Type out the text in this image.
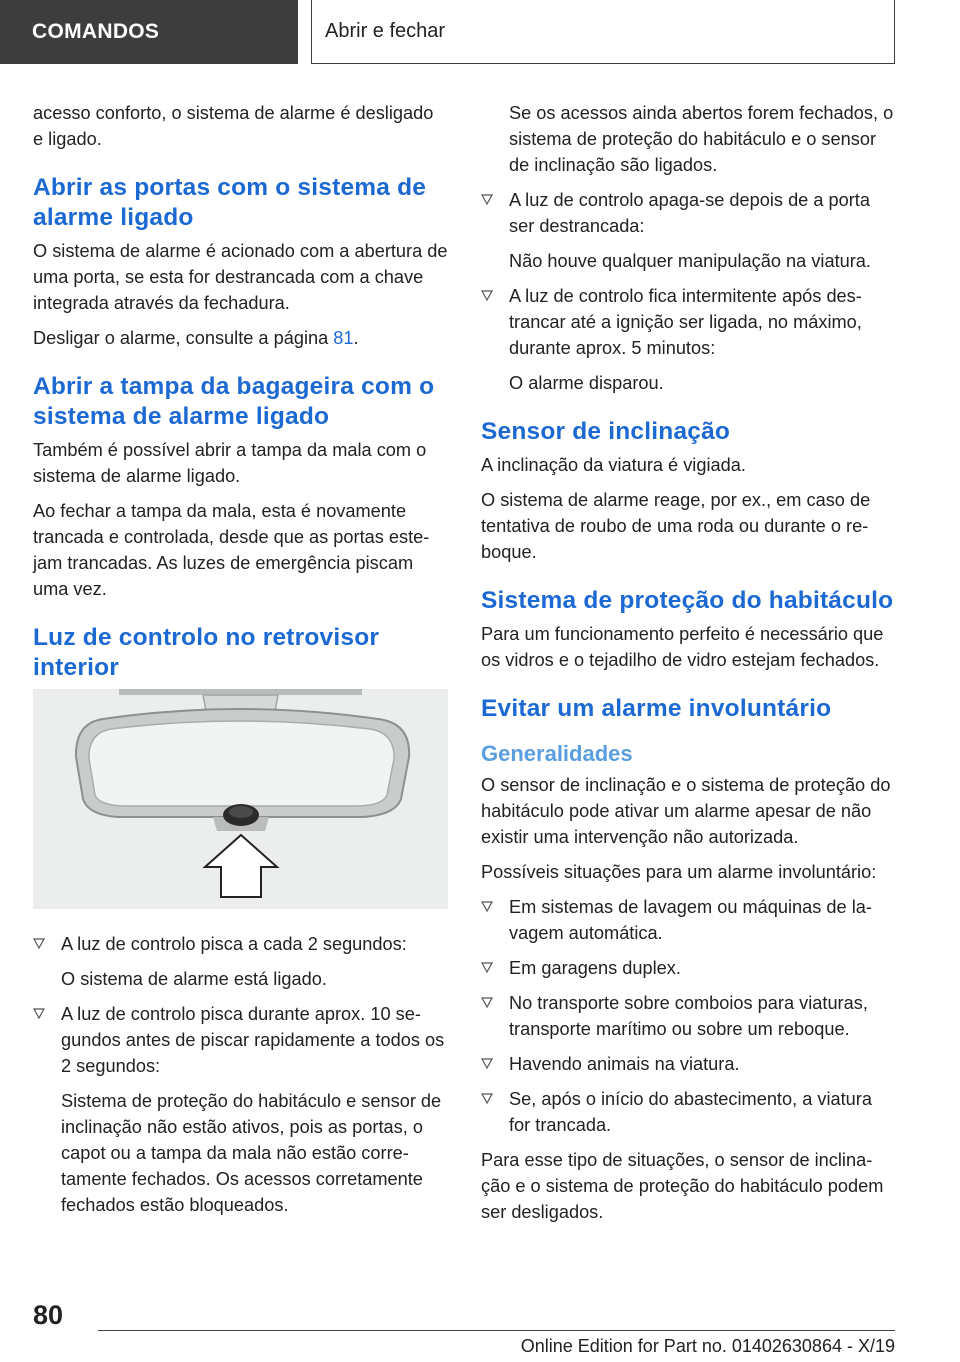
COMANDOS	Abrir e fechar

acesso conforto, o sistema de alarme é desligado e ligado.

Abrir as portas com o sistema de alarme ligado

O sistema de alarme é acionado com a abertura de uma porta, se esta for destrancada com a chave integrada através da fechadura.

Desligar o alarme, consulte a página 81.

Abrir a tampa da bagageira com o sistema de alarme ligado

Também é possível abrir a tampa da mala com o sistema de alarme ligado.

Ao fechar a tampa da mala, esta é novamente trancada e controlada, desde que as portas estejam trancadas. As luzes de emergência piscam uma vez.

Luz de controlo no retrovisor interior

A luz de controlo pisca a cada 2 segundos:

O sistema de alarme está ligado.

A luz de controlo pisca durante aprox. 10 segundos antes de piscar rapidamente a todos os 2 segundos:

Sistema de proteção do habitáculo e sensor de inclinação não estão ativos, pois as portas, o capot ou a tampa da mala não estão corretamente fechados. Os acessos corretamente fechados estão bloqueados.

Se os acessos ainda abertos forem fechados, o sistema de proteção do habitáculo e o sensor de inclinação são ligados.

A luz de controlo apaga-se depois de a porta ser destrancada:

Não houve qualquer manipulação na viatura.

A luz de controlo fica intermitente após destrancar até a ignição ser ligada, no máximo, durante aprox. 5 minutos:

O alarme disparou.

Sensor de inclinação

A inclinação da viatura é vigiada.

O sistema de alarme reage, por ex., em caso de tentativa de roubo de uma roda ou durante o reboque.

Sistema de proteção do habitáculo

Para um funcionamento perfeito é necessário que os vidros e o tejadilho de vidro estejam fechados.

Evitar um alarme involuntário
Generalidades

O sensor de inclinação e o sistema de proteção do habitáculo pode ativar um alarme apesar de não existir uma intervenção não autorizada.

Possíveis situações para um alarme involuntário:

Em sistemas de lavagem ou máquinas de lavagem automática.

Em garagens duplex.

No transporte sobre comboios para viaturas, transporte marítimo ou sobre um reboque.

Havendo animais na viatura.

Se, após o início do abastecimento, a viatura for trancada.

Para esse tipo de situações, o sensor de inclinação e o sistema de proteção do habitáculo podem ser desligados.

80
Online Edition for Part no. 01402630864 - X/19
